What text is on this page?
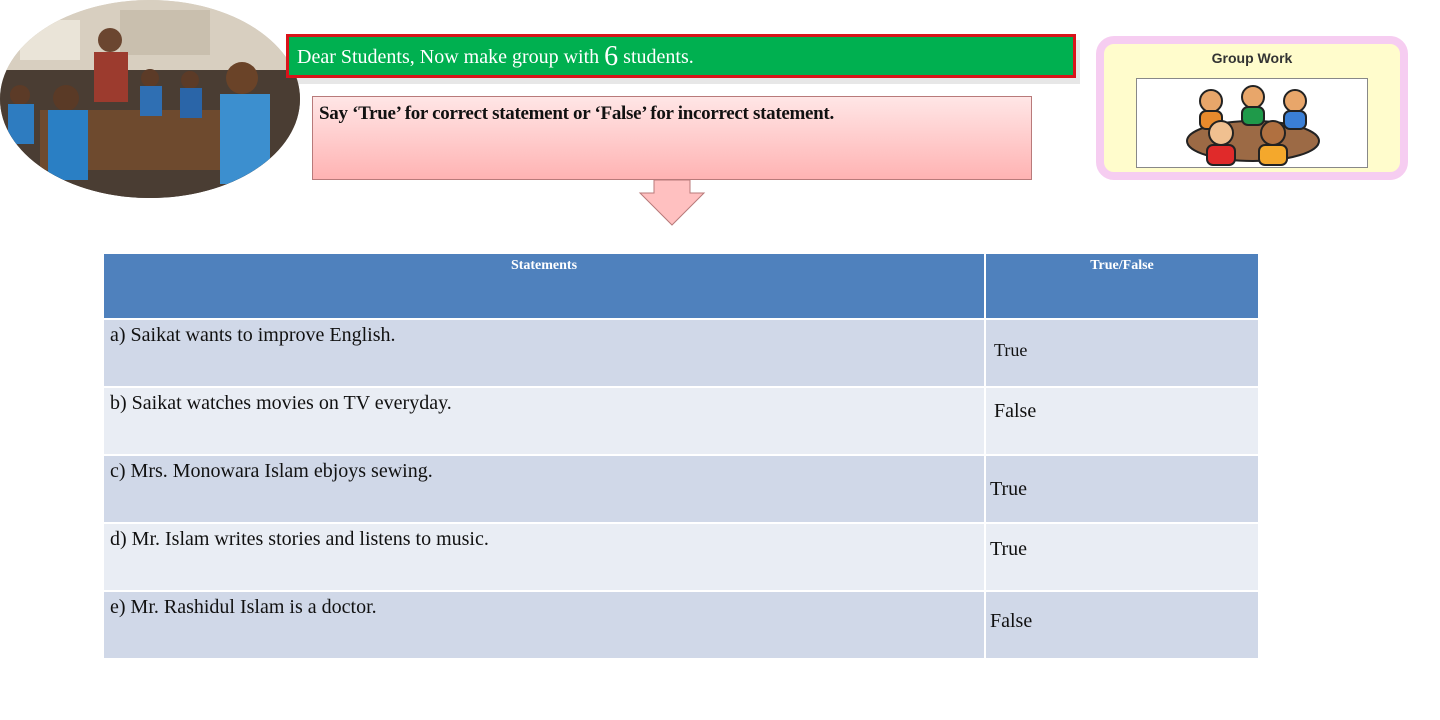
Dear Students, Now make group with 6 students.
Say ‘True’ for correct statement or ‘False’ for incorrect statement.
Group Work
Statements	True/False
a) Saikat wants to improve English.	True
b) Saikat watches movies on TV everyday.	False
c) Mrs. Monowara Islam ebjoys sewing.	True
d) Mr. Islam writes stories and listens to music.	True
e) Mr. Rashidul Islam is a doctor.	False
